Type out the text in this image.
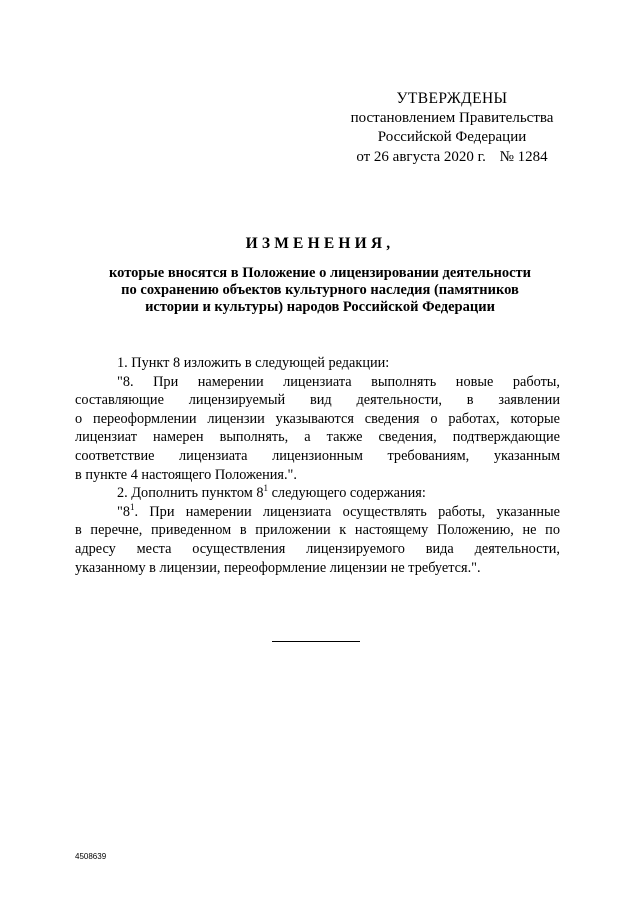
УТВЕРЖДЕНЫ
постановлением Правительства
Российской Федерации
от 26 августа 2020 г. № 1284
ИЗМЕНЕНИЯ,
которые вносятся в Положение о лицензировании деятельности
по сохранению объектов культурного наследия (памятников
истории и культуры) народов Российской Федерации

1. Пункт 8 изложить в следующей редакции:

"8. При намерении лицензиата выполнять новые работы,

составляющие лицензируемый вид деятельности, в заявлении

о переоформлении лицензии указываются сведения о работах, которые

лицензиат намерен выполнять, а также сведения, подтверждающие

соответствие лицензиата лицензионным требованиям, указанным

в пункте 4 настоящего Положения.".

2. Дополнить пунктом $8^1$ следующего содержания:

"$8^1$. При намерении лицензиата осуществлять работы, указанные

в перечне, приведенном в приложении к настоящему Положению, не по

адресу места осуществления лицензируемого вида деятельности,

указанному в лицензии, переоформление лицензии не требуется.".

4508639
